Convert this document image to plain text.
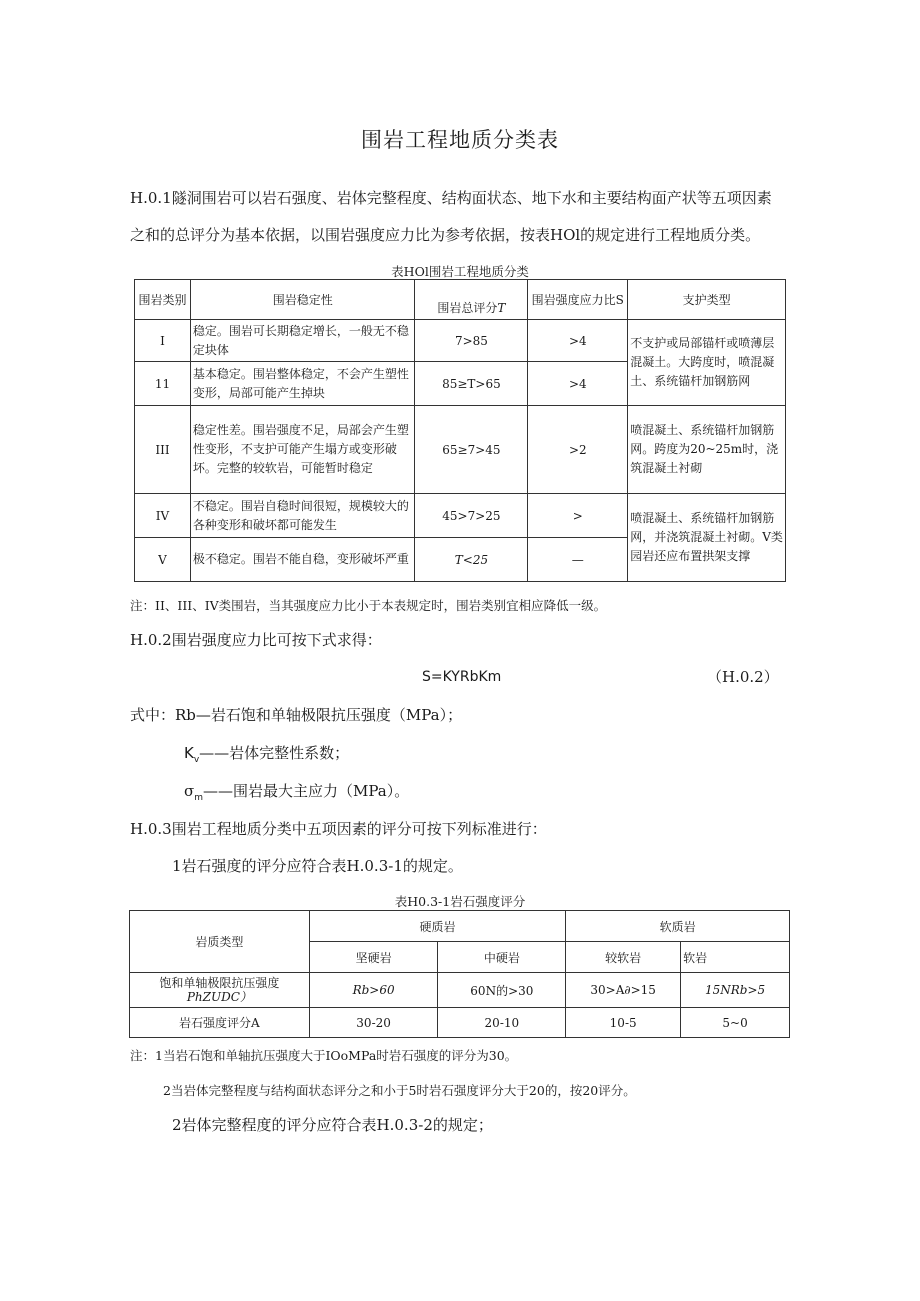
围岩工程地质分类表
H.0.1隧洞围岩可以岩石强度、岩体完整程度、结构面状态、地下水和主要结构面产状等五项因素
之和的总评分为基本依据，以围岩强度应力比为参考依据，按表HOl的规定进行工程地质分类。
表HOl围岩工程地质分类
围岩类别	围岩稳定性	围岩总评分T	围岩强度应力比S	支护类型
I	稳定。围岩可长期稳定增长，一般无不稳定块体	7>85	>4	不支护或局部锚杆或喷薄层混凝土。大跨度时，喷混凝土、系统锚杆加钢筋网
11	基本稳定。围岩整体稳定，不会产生塑性变形，局部可能产生掉块	85≥T>65	>4	
III	稳定性差。围岩强度不足，局部会产生塑性变形，不支护可能产生塌方或变形破坏。完整的较软岩，可能暂时稳定	65≥7>45	>2	喷混凝土、系统锚杆加钢筋网。跨度为20~25m时，浇筑混凝土衬砌
IV	不稳定。围岩自稳时间很短，规模较大的各种变形和破坏都可能发生	45>7>25	>	喷混凝土、系统锚杆加钢筋网，并浇筑混凝土衬砌。V类园岩还应布置拱架支撑
V	极不稳定。围岩不能自稳，变形破坏严重	T<25	—	
注：II、III、IV类围岩，当其强度应力比小于本表规定时，围岩类别宜相应降低一级。
H.0.2围岩强度应力比可按下式求得：
S=KYRbKm	（H.0.2）
式中：Rb—岩石饱和单轴极限抗压强度（MPa）；
$K_v——$岩体完整性系数；
$\sigma_m——$围岩最大主应力（MPa）。
H.0.3围岩工程地质分类中五项因素的评分可按下列标准进行：
1岩石强度的评分应符合表H.0.3-1的规定。
表H0.3-1岩石强度评分
岩质类型	硬质岩		软质岩	
	坚硬岩	中硬岩	较软岩	软岩

饱和单轴极限抗压强度
PhZUDC）	Rb>60	60N的>30	30>A∂>15	15NRb>5
岩石强度评分A	30-20	20-10	10-5	5~0
注：1当岩石饱和单轴抗压强度大于IOoMPa时岩石强度的评分为30。
2当岩体完整程度与结构面状态评分之和小于5时岩石强度评分大于20的，按20评分。
2岩体完整程度的评分应符合表H.0.3-2的规定；
